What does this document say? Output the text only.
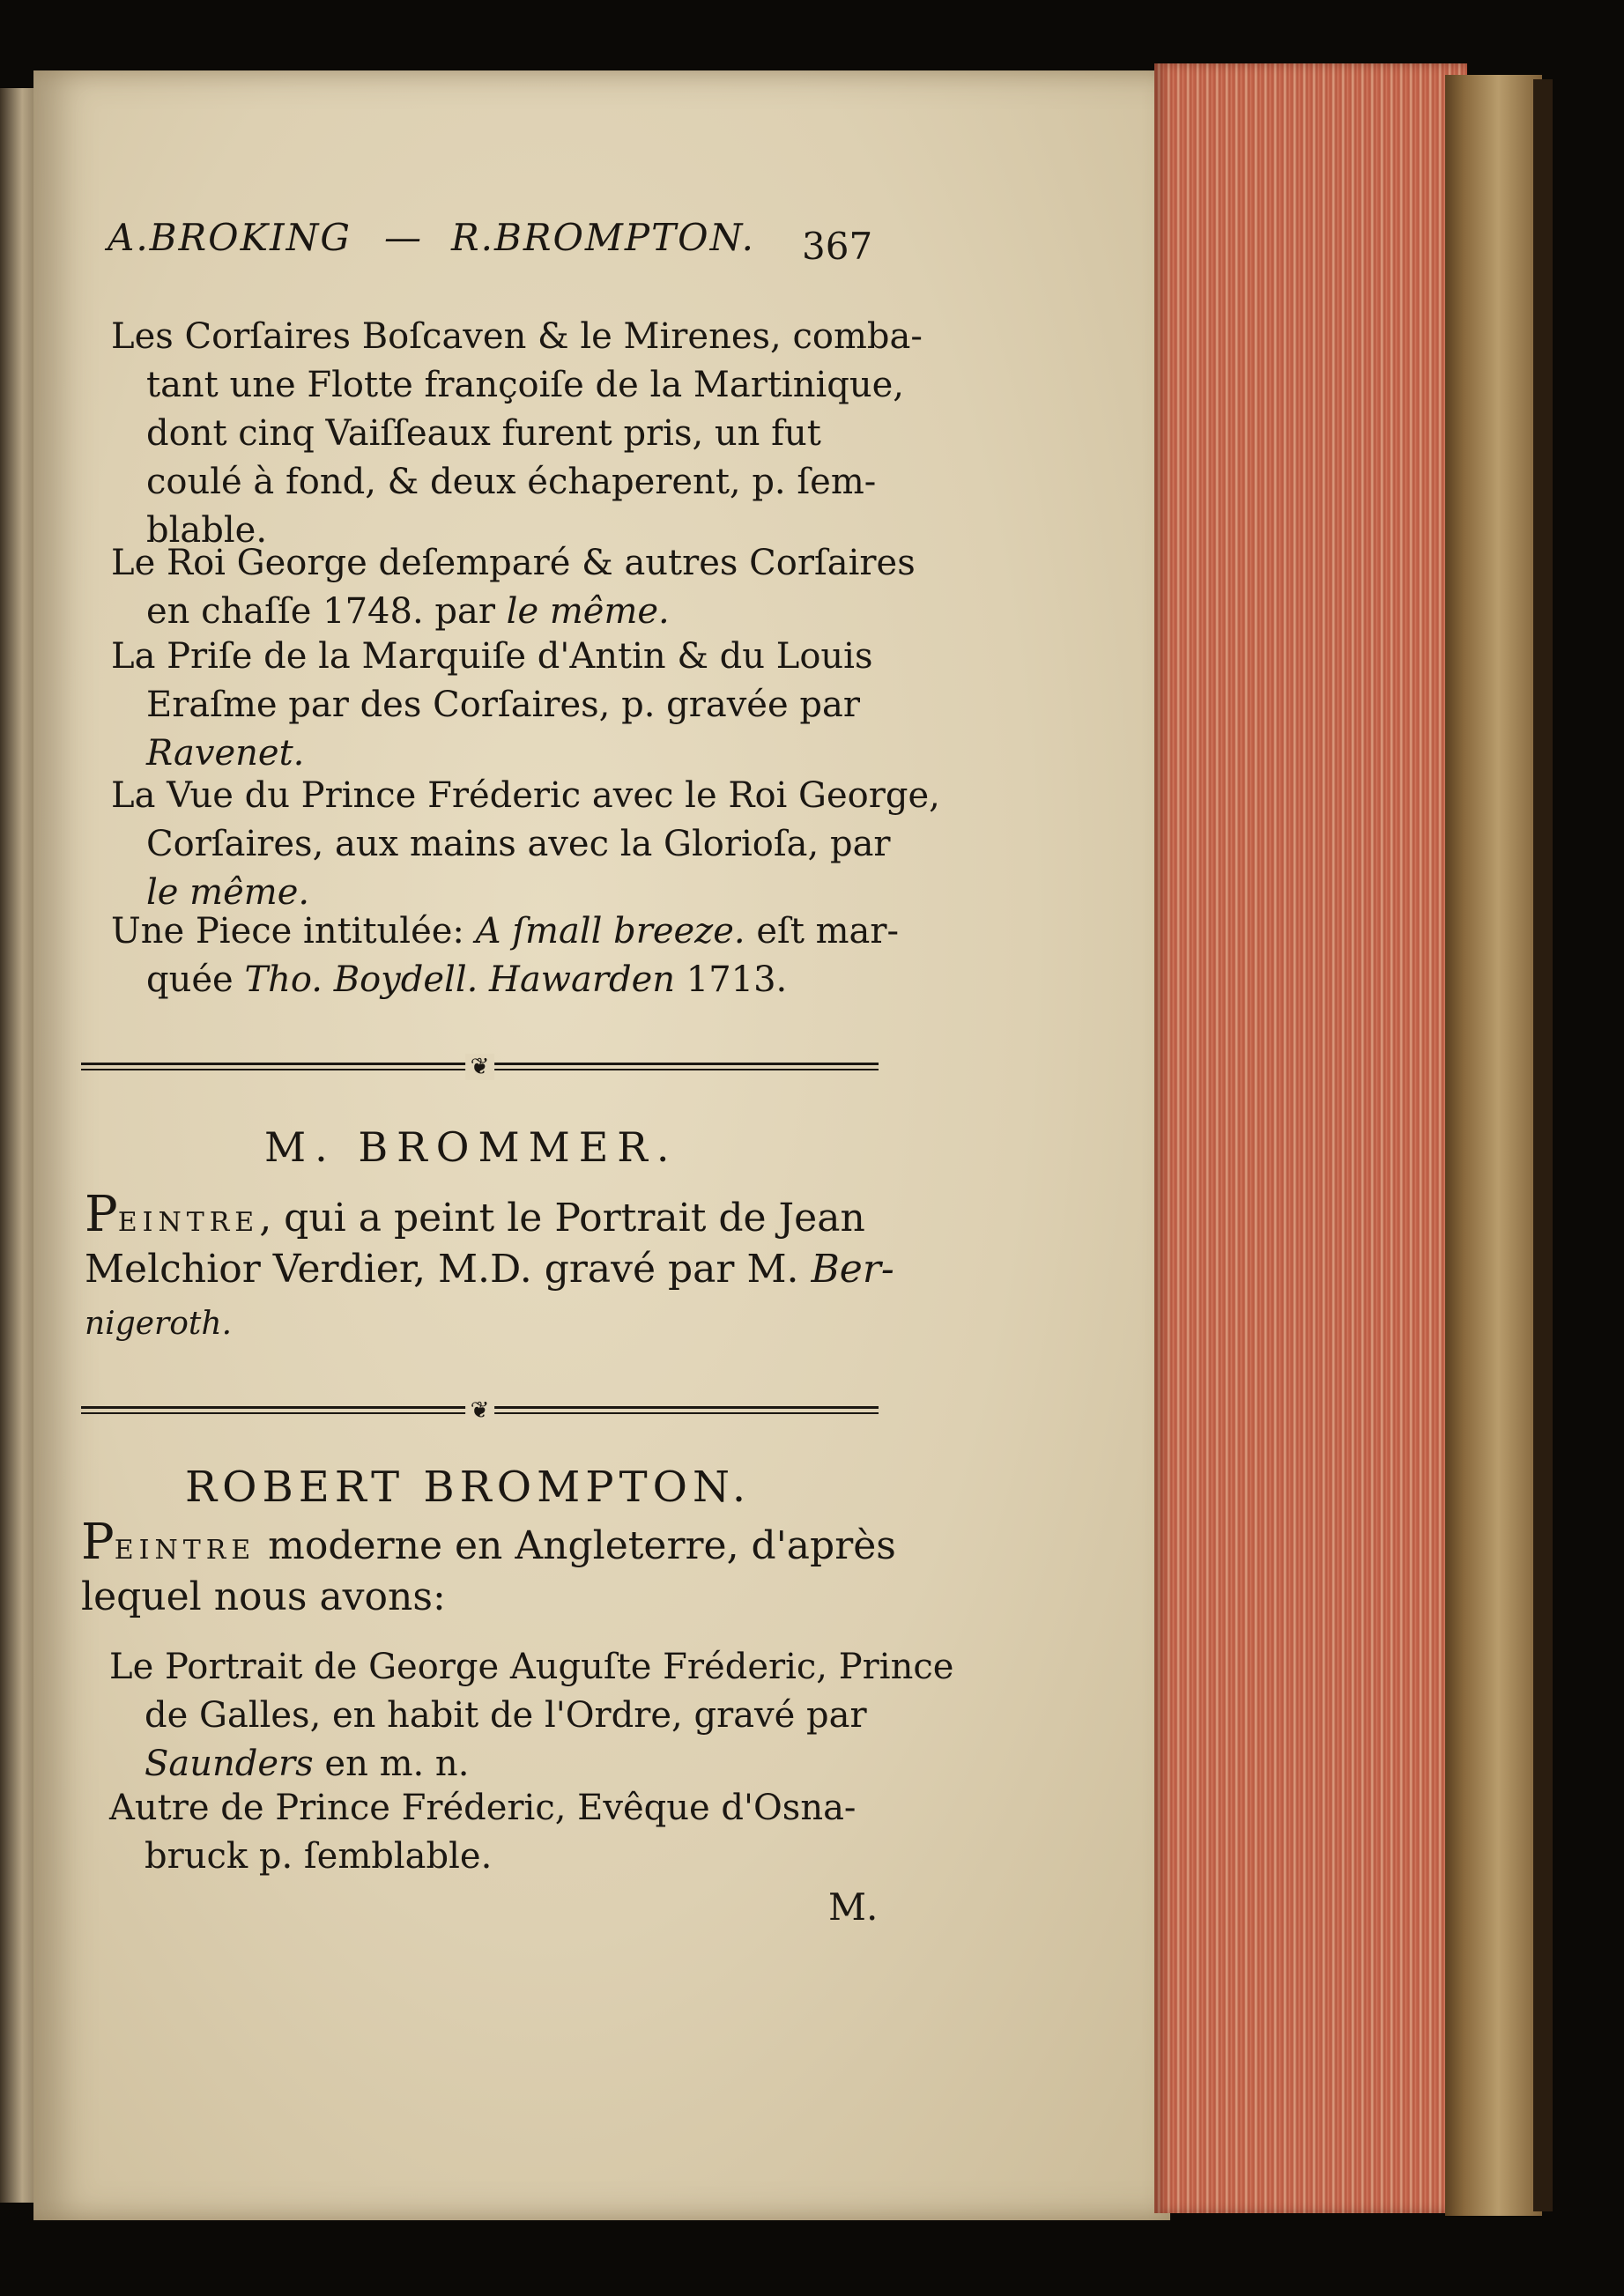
A.BROKING — R.BROMPTON. 367
Les Corſaires Boſcaven & le Mirenes, comba-
tant une Flotte françoiſe de la Martinique,
dont cinq Vaiſſeaux furent pris, un fut
coulé à fond, & deux échaperent, p. ſem-
blable.
Le Roi George deſemparé & autres Corſaires
en chaſſe 1748. par le même.
La Priſe de la Marquiſe d'Antin & du Louis
Eraſme par des Corſaires, p. gravée par
Ravenet.
La Vue du Prince Fréderic avec le Roi George,
Corſaires, aux mains avec la Glorioſa, par
le même.
Une Piece intitulée: A ſmall breeze. eſt mar-
quée Tho. Boydell. Hawarden 1713.
❦
M. BROMMER.
PEINTRE, qui a peint le Portrait de Jean
Melchior Verdier, M.D. gravé par M. Ber-
nigeroth.
❦
ROBERT BROMPTON.
PEINTRE moderne en Angleterre, d'après
lequel nous avons:
Le Portrait de George Auguſte Fréderic, Prince
de Galles, en habit de l'Ordre, gravé par
Saunders en m. n.
Autre de Prince Fréderic, Evêque d'Osna-
bruck p. ſemblable.
M.
